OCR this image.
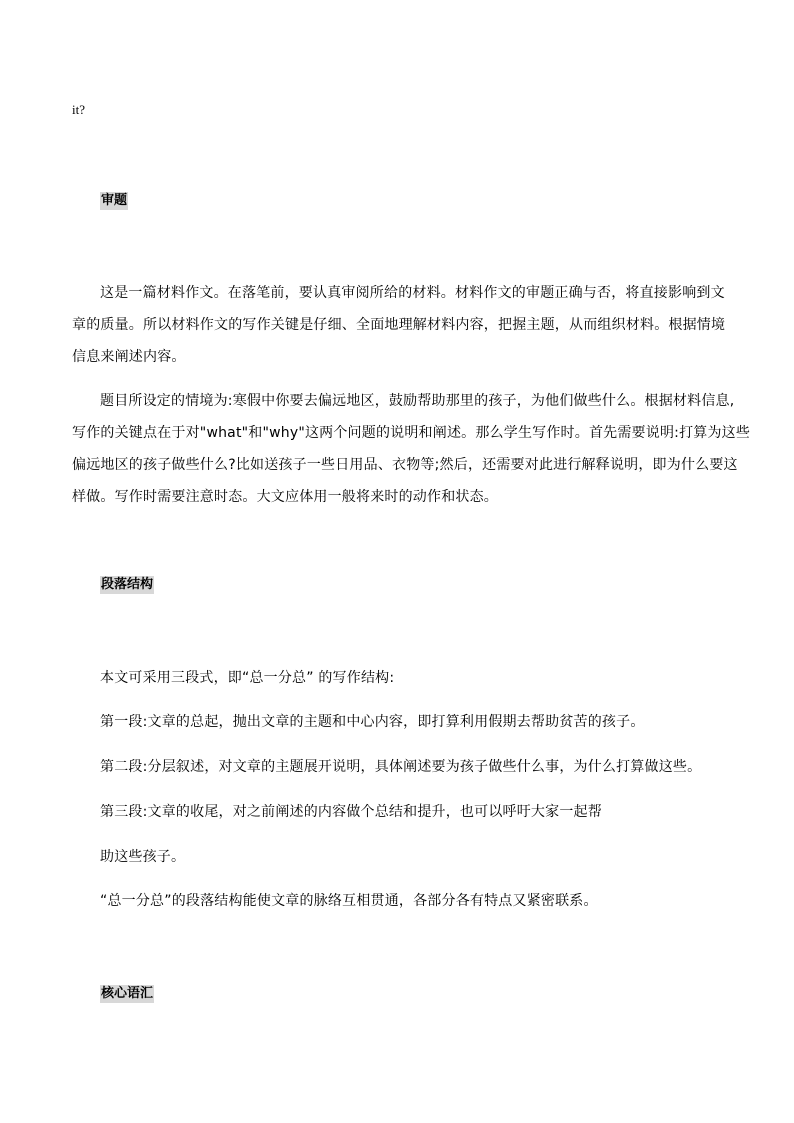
it?
审题
这是一篇材料作文。在落笔前，要认真审阅所给的材料。材料作文的审题正确与否，将直接影响到文
章的质量。所以材料作文的写作关键是仔细、全面地理解材料内容，把握主题，从而组织材料。根据情境
信息来阐述内容。
题目所设定的情境为:寒假中你要去偏远地区，鼓励帮助那里的孩子，为他们做些什么。根据材料信息,
写作的关键点在于对"what"和"why"这两个问题的说明和阐述。那么学生写作时。首先需要说明:打算为这些
偏远地区的孩子做些什么?比如送孩子一些日用品、衣物等;然后，还需要对此进行解释说明，即为什么要这
样做。写作时需要注意时态。大文应体用一般将来时的动作和状态。
段落结构
本文可采用三段式，即“总一分总” 的写作结构:
第一段:文章的总起，抛出文章的主题和中心内容，即打算利用假期去帮助贫苦的孩子。
第二段:分层叙述，对文章的主题展开说明，具体阐述要为孩子做些什么事，为什么打算做这些。
第三段:文章的收尾，对之前阐述的内容做个总结和提升，也可以呼吁大家一起帮
助这些孩子。
“总一分总”的段落结构能使文章的脉络互相贯通，各部分各有特点又紧密联系。
核心语汇
